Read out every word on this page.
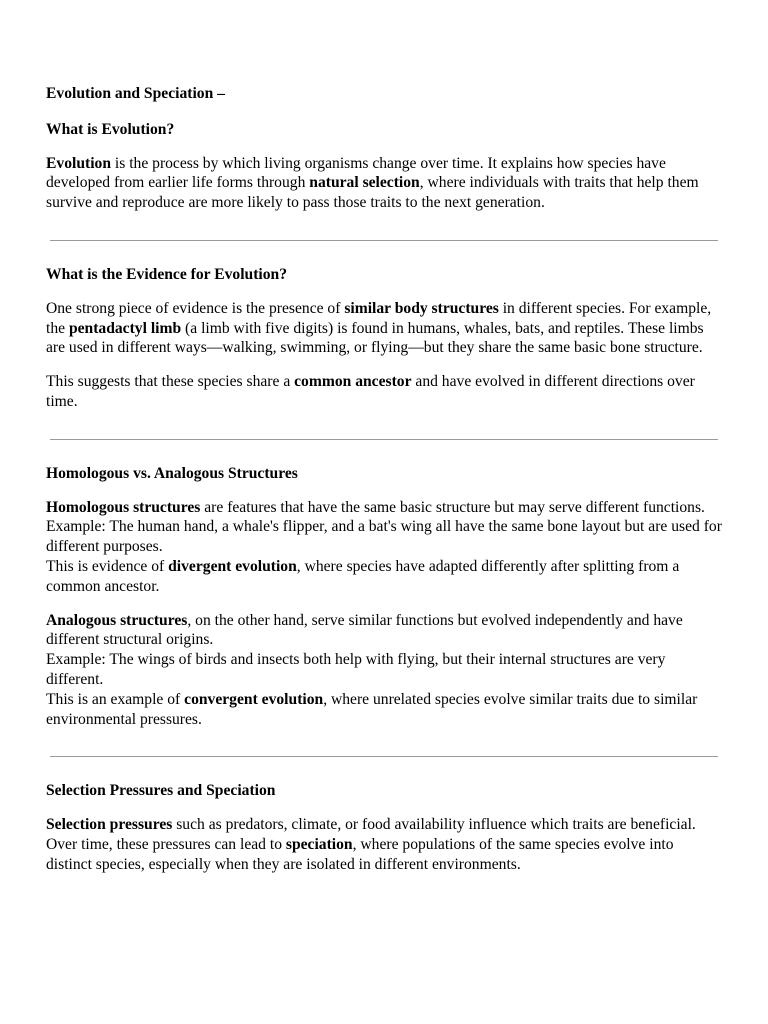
Evolution and Speciation –
What is Evolution?

Evolution is the process by which living organisms change over time. It explains how species have developed from earlier life forms through natural selection, where individuals with traits that help them survive and reproduce are more likely to pass those traits to the next generation.

What is the Evidence for Evolution?

One strong piece of evidence is the presence of similar body structures in different species. For example, the pentadactyl limb (a limb with five digits) is found in humans, whales, bats, and reptiles. These limbs are used in different ways—walking, swimming, or flying—but they share the same basic bone structure.

This suggests that these species share a common ancestor and have evolved in different directions over time.

Homologous vs. Analogous Structures

Homologous structures are features that have the same basic structure but may serve different functions.
Example: The human hand, a whale's flipper, and a bat's wing all have the same bone layout but are used for different purposes.
This is evidence of divergent evolution, where species have adapted differently after splitting from a common ancestor.

Analogous structures, on the other hand, serve similar functions but evolved independently and have different structural origins.
Example: The wings of birds and insects both help with flying, but their internal structures are very different.
This is an example of convergent evolution, where unrelated species evolve similar traits due to similar environmental pressures.

Selection Pressures and Speciation

Selection pressures such as predators, climate, or food availability influence which traits are beneficial. Over time, these pressures can lead to speciation, where populations of the same species evolve into distinct species, especially when they are isolated in different environments.
